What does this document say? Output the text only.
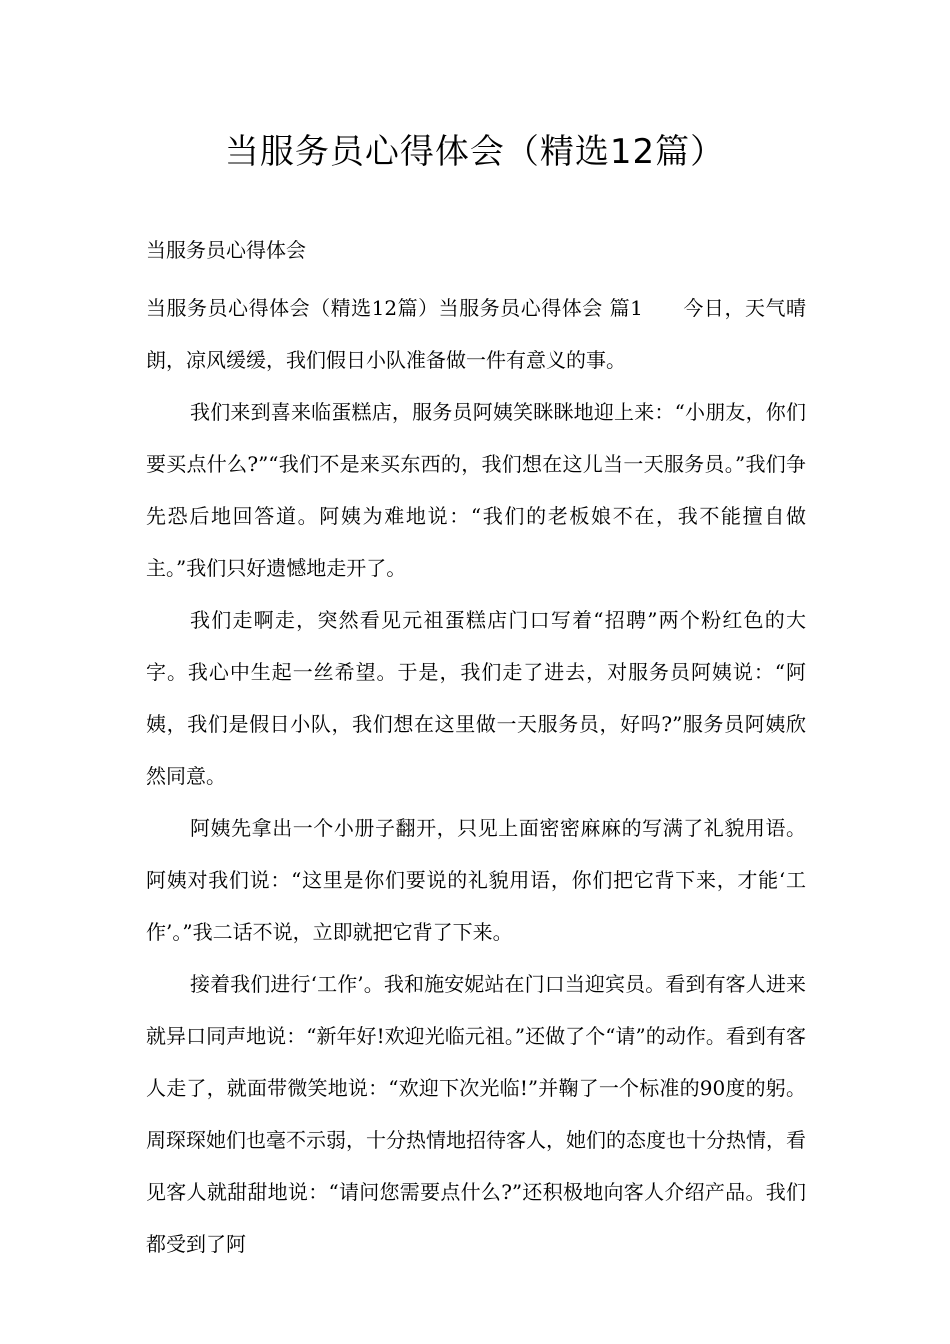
当服务员心得体会（精选12篇）
当服务员心得体会

当服务员心得体会（精选12篇）当服务员心得体会 篇1 今日，天气晴朗，凉风缓缓，我们假日小队准备做一件有意义的事。

我们来到喜来临蛋糕店，服务员阿姨笑眯眯地迎上来：“小朋友，你们要买点什么?”“我们不是来买东西的，我们想在这儿当一天服务员。”我们争先恐后地回答道。阿姨为难地说：“我们的老板娘不在，我不能擅自做主。”我们只好遗憾地走开了。

我们走啊走，突然看见元祖蛋糕店门口写着“招聘”两个粉红色的大字。我心中生起一丝希望。于是，我们走了进去，对服务员阿姨说：“阿姨，我们是假日小队，我们想在这里做一天服务员，好吗?”服务员阿姨欣然同意。

阿姨先拿出一个小册子翻开，只见上面密密麻麻的写满了礼貌用语。阿姨对我们说：“这里是你们要说的礼貌用语，你们把它背下来，才能‘工作’。”我二话不说，立即就把它背了下来。

接着我们进行‘工作’。我和施安妮站在门口当迎宾员。看到有客人进来就异口同声地说：“新年好!欢迎光临元祖。”还做了个“请”的动作。看到有客人走了，就面带微笑地说：“欢迎下次光临!”并鞠了一个标准的90度的躬。周琛琛她们也毫不示弱，十分热情地招待客人，她们的态度也十分热情，看见客人就甜甜地说：“请问您需要点什么?”还积极地向客人介绍产品。我们都受到了阿
